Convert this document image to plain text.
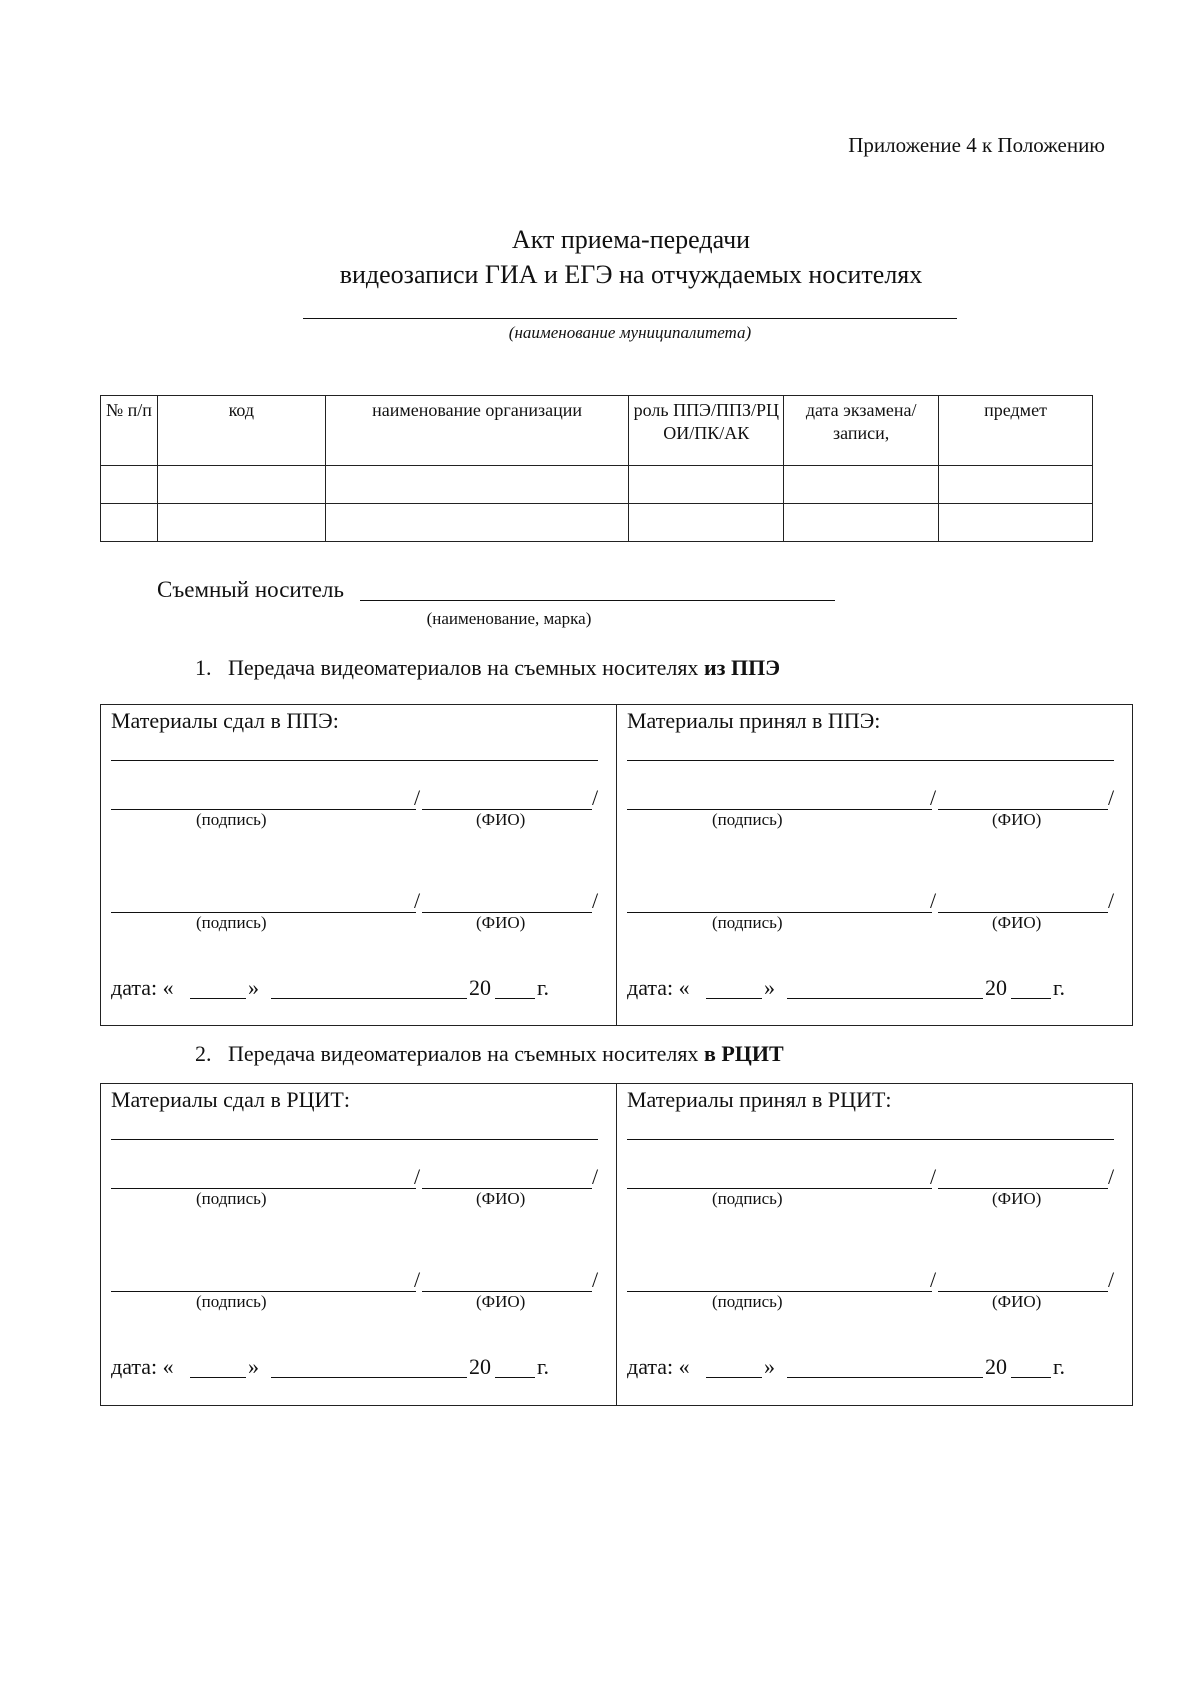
Приложение 4 к Положению
Акт приема-передачи
видеозаписи ГИА и ЕГЭ на отчуждаемых носителях
(наименование муниципалитета)
№ п/п	код	наименование организации	роль ППЭ/ППЗ/РЦ ОИ/ПК/АК	дата экзамена/ записи,	предмет

Съемный носитель
(наименование, марка)
1. Передача видеоматериалов на съемных носителях из ППЭ
Материалы сдал в ППЭ:
/	/
(подпись)	(ФИО)
/	/
(подпись)	(ФИО)
дата: «	»	20 г.
Материалы принял в ППЭ:
/	/
(подпись)	(ФИО)
/	/
(подпись)	(ФИО)
дата: «	»	20 г.
2. Передача видеоматериалов на съемных носителях в РЦИТ
Материалы сдал в РЦИТ:
/	/
(подпись)	(ФИО)
/	/
(подпись)	(ФИО)
дата: «	»	20 г.
Материалы принял в РЦИТ:
/	/
(подпись)	(ФИО)
/	/
(подпись)	(ФИО)
дата: «	»	20 г.
